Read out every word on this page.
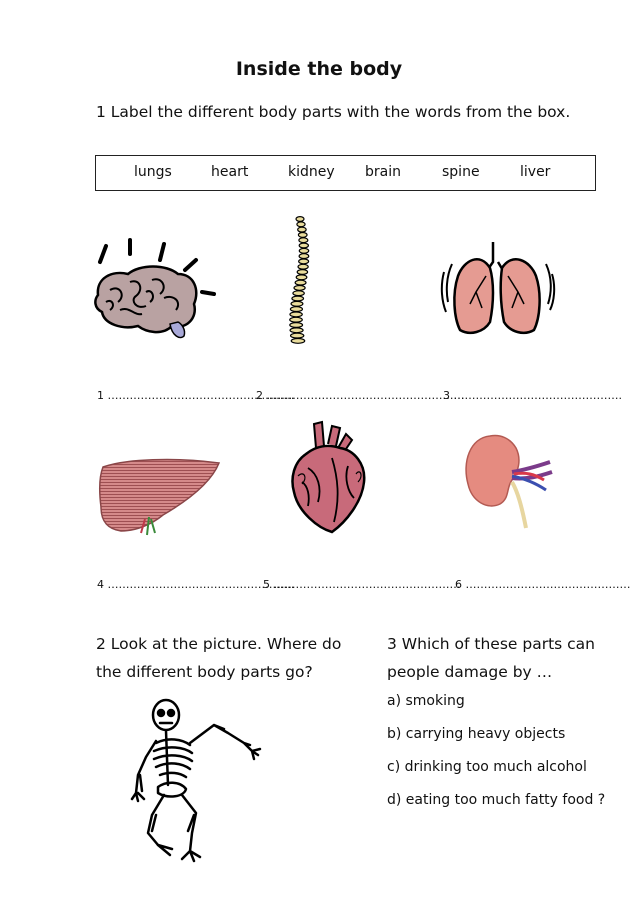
Inside the body
1 Label the different body parts with the words from the box.
lungs	heart	kidney brain	spine	liver
1 ……………………………………………
2 ………………………………………………
3 ……………………………………….
4 ……………………………………………
5 ……………………………………………
6 ………………………………………
2 Look at the picture. Where do the different body parts go?
3 Which of these parts can people damage by …
a) smoking
b) carrying heavy objects
c) drinking too much alcohol
d) eating too much fatty food ?
